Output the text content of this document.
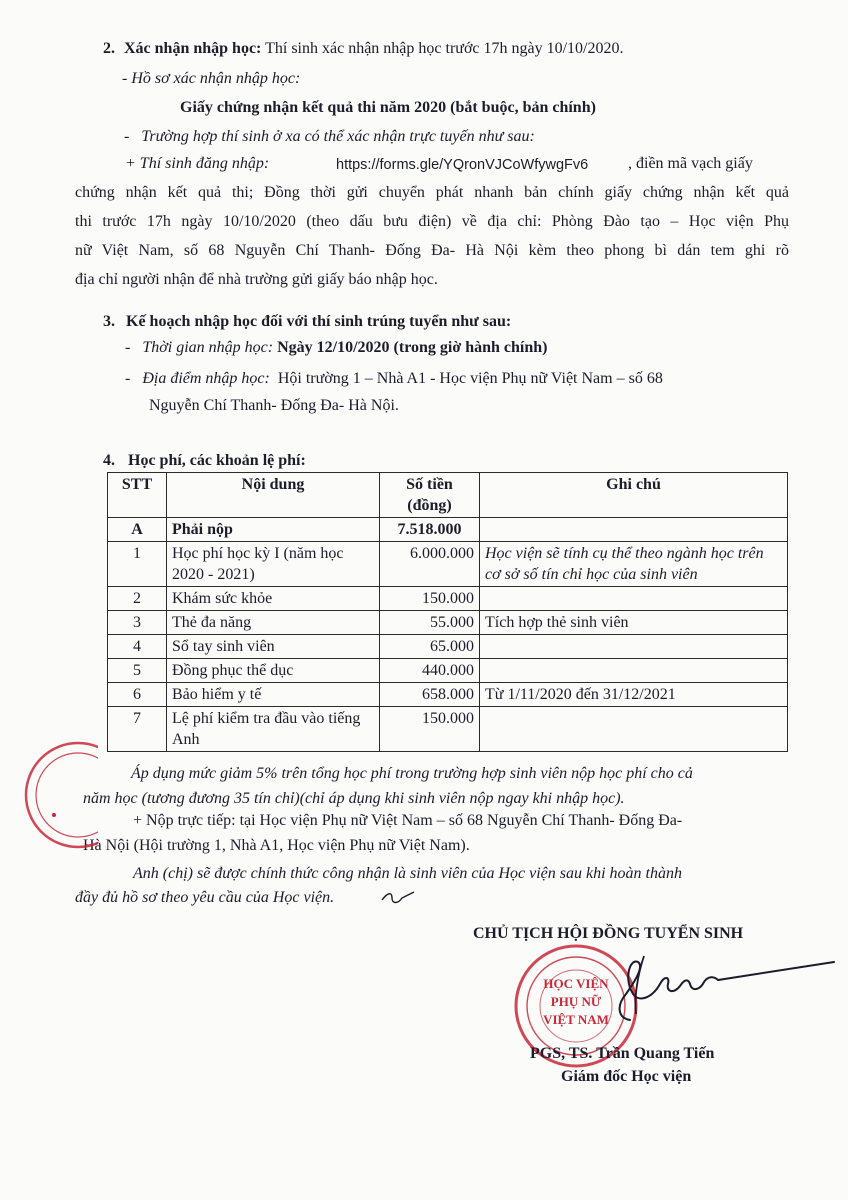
2. Xác nhận nhập học: Thí sinh xác nhận nhập học trước 17h ngày 10/10/2020.
- Hồ sơ xác nhận nhập học:
Giấy chứng nhận kết quả thi năm 2020 (bắt buộc, bản chính)
-   Trường hợp thí sinh ở xa có thể xác nhận trực tuyến như sau:
+ Thí sinh đăng nhập:	https://forms.gle/YQronVJCoWfywgFv6 , điền mã vạch giấy
chứng nhận kết quả thi; Đồng thời gửi chuyển phát nhanh bản chính giấy chứng nhận kết quả
thi trước 17h ngày 10/10/2020 (theo dấu bưu điện) về địa chỉ: Phòng Đào tạo – Học viện Phụ
nữ Việt Nam, số 68 Nguyễn Chí Thanh- Đống Đa- Hà Nội kèm theo phong bì dán tem ghi rõ
địa chỉ người nhận để nhà trường gửi giấy báo nhập học.
3. Kế hoạch nhập học đối với thí sinh trúng tuyển như sau:
-   Thời gian nhập học: Ngày 12/10/2020 (trong giờ hành chính)
-   Địa điểm nhập học: Hội trường 1 – Nhà A1 - Học viện Phụ nữ Việt Nam – số 68
Nguyễn Chí Thanh- Đống Đa- Hà Nội.
4. Học phí, các khoản lệ phí:
STT	Nội dung	Số tiền (đồng)	Ghi chú
A	Phải nộp	7.518.000	
1	Học phí học kỳ I (năm học 2020 - 2021)	6.000.000	Học viện sẽ tính cụ thể theo ngành học trên cơ sở số tín chỉ học của sinh viên
2	Khám sức khỏe	150.000	
3	Thẻ đa năng	55.000	Tích hợp thẻ sinh viên
4	Sổ tay sinh viên	65.000	
5	Đồng phục thể dục	440.000	
6	Bảo hiểm y tế	658.000	Từ 1/11/2020 đến 31/12/2021
7	Lệ phí kiểm tra đầu vào tiếng Anh	150.000	
Áp dụng mức giảm 5% trên tổng học phí trong trường hợp sinh viên nộp học phí cho cả
năm học (tương đương 35 tín chỉ)(chỉ áp dụng khi sinh viên nộp ngay khi nhập học).
+ Nộp trực tiếp: tại Học viện Phụ nữ Việt Nam – số 68 Nguyễn Chí Thanh- Đống Đa-
Hà Nội (Hội trường 1, Nhà A1, Học viện Phụ nữ Việt Nam).
Anh (chị) sẽ được chính thức công nhận là sinh viên của Học viện sau khi hoàn thành
đầy đủ hồ sơ theo yêu cầu của Học viện.
CHỦ TỊCH HỘI ĐỒNG TUYỂN SINH
HỌC VIỆN
PHỤ NỮ
VIỆT NAM
PGS, TS. Trần Quang Tiến
Giám đốc Học viện
